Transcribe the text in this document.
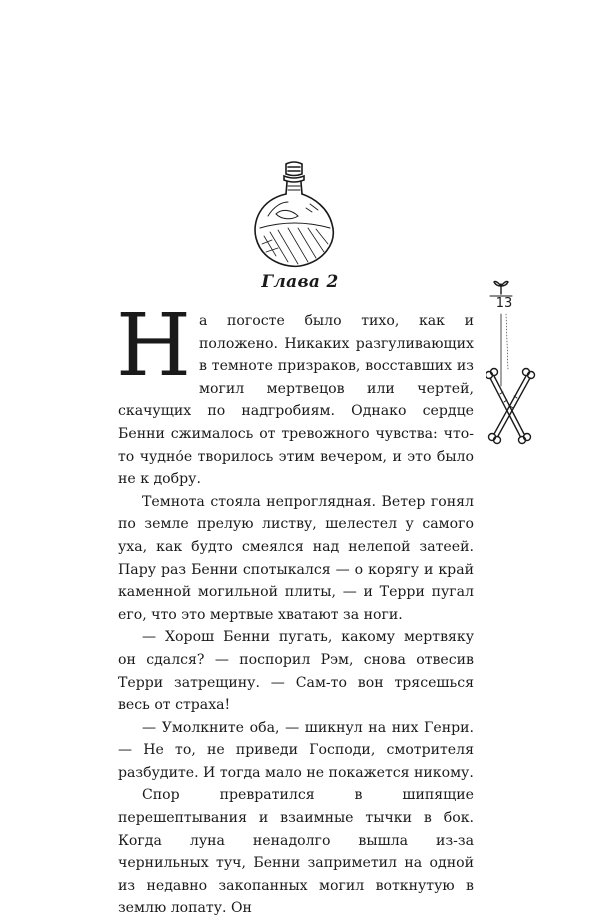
Глава 2

На погосте было тихо, как и положено. Никаких разгуливающих в темноте призраков, восставших из могил мертвецов или чертей, скачущих по надгробиям. Однако сердце Бенни сжималось от тревожного чувства: что-то чудно́е творилось этим вечером, и это было не к добру.

Темнота стояла непроглядная. Ветер гонял по земле прелую листву, шелестел у самого уха, как будто смеялся над нелепой затеей. Пару раз Бенни спотыкался — о корягу и край каменной могильной плиты, — и Терри пугал его, что это мертвые хватают за ноги.

— Хорош Бенни пугать, какому мертвяку он сдался? — поспорил Рэм, снова отвесив Терри затрещину. — Сам-то вон трясешься весь от страха!

— Умолкните оба, — шикнул на них Генри. — Не то, не приведи Господи, смотрителя разбудите. И тогда мало не покажется никому.

Спор превратился в шипящие перешептывания и взаимные тычки в бок. Когда луна ненадолго вышла из-за чернильных туч, Бенни заприметил на одной из недавно закопанных могил воткнутую в землю лопату. Он

13
